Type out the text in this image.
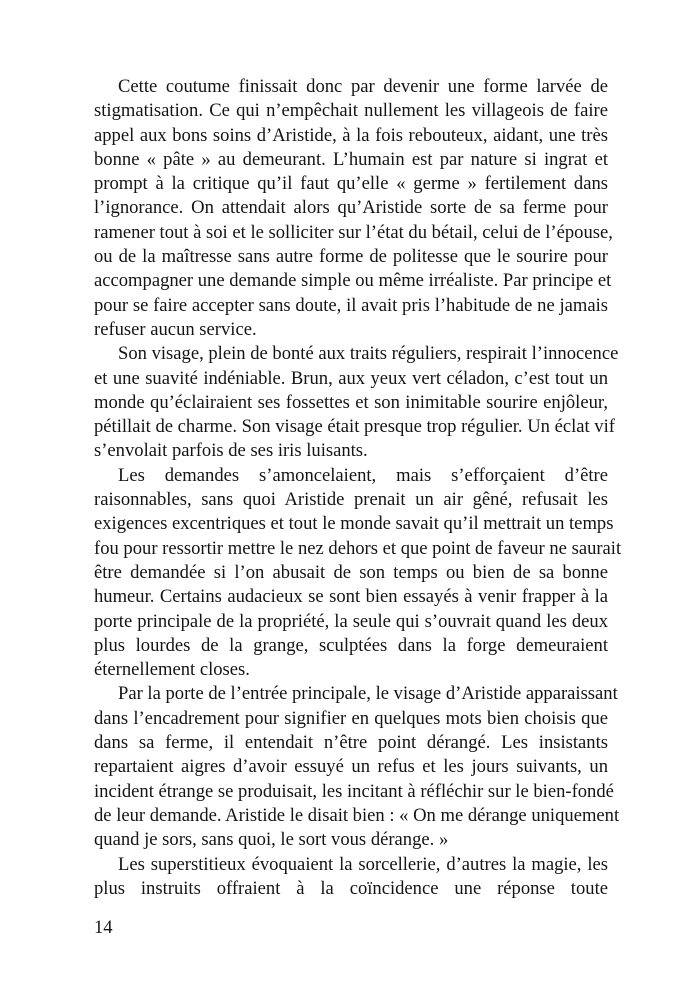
Cette coutume finissait donc par devenir une forme larvée de
stigmatisation. Ce qui n’empêchait nullement les villageois de faire
appel aux bons soins d’Aristide, à la fois rebouteux, aidant, une très
bonne « pâte » au demeurant. L’humain est par nature si ingrat et
prompt à la critique qu’il faut qu’elle « germe » fertilement dans
l’ignorance. On attendait alors qu’Aristide sorte de sa ferme pour
ramener tout à soi et le solliciter sur l’état du bétail, celui de l’épouse,
ou de la maîtresse sans autre forme de politesse que le sourire pour
accompagner une demande simple ou même irréaliste. Par principe et
pour se faire accepter sans doute, il avait pris l’habitude de ne jamais
refuser aucun service.
Son visage, plein de bonté aux traits réguliers, respirait l’innocence
et une suavité indéniable. Brun, aux yeux vert céladon, c’est tout un
monde qu’éclairaient ses fossettes et son inimitable sourire enjôleur,
pétillait de charme. Son visage était presque trop régulier. Un éclat vif
s’envolait parfois de ses iris luisants.
Les demandes s’amoncelaient, mais s’efforçaient d’être
raisonnables, sans quoi Aristide prenait un air gêné, refusait les
exigences excentriques et tout le monde savait qu’il mettrait un temps
fou pour ressortir mettre le nez dehors et que point de faveur ne saurait
être demandée si l’on abusait de son temps ou bien de sa bonne
humeur. Certains audacieux se sont bien essayés à venir frapper à la
porte principale de la propriété, la seule qui s’ouvrait quand les deux
plus lourdes de la grange, sculptées dans la forge demeuraient
éternellement closes.
Par la porte de l’entrée principale, le visage d’Aristide apparaissant
dans l’encadrement pour signifier en quelques mots bien choisis que
dans sa ferme, il entendait n’être point dérangé. Les insistants
repartaient aigres d’avoir essuyé un refus et les jours suivants, un
incident étrange se produisait, les incitant à réfléchir sur le bien-fondé
de leur demande. Aristide le disait bien : « On me dérange uniquement
quand je sors, sans quoi, le sort vous dérange. »
Les superstitieux évoquaient la sorcellerie, d’autres la magie, les
plus instruits offraient à la coïncidence une réponse toute
14
